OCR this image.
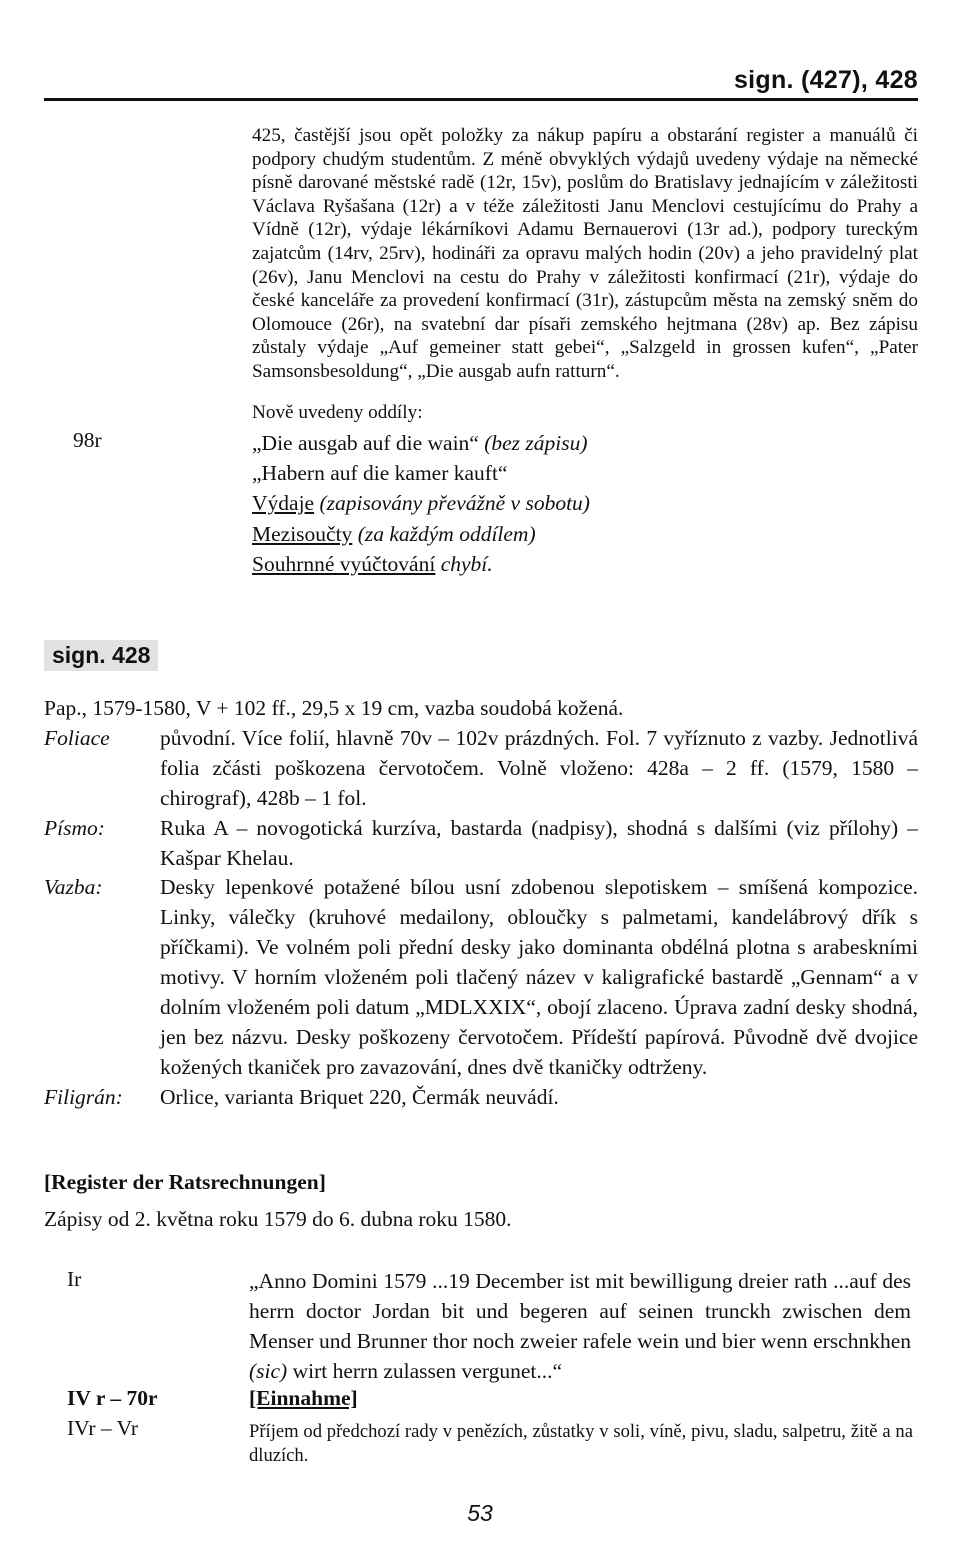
sign. (427), 428
425, častější jsou opět položky za nákup papíru a obstarání register a manuálů či podpory chudým studentům. Z méně obvyklých výdajů uvedeny výdaje na německé písně darované městské radě (12r, 15v), poslům do Bratislavy jednajícím v záležitosti Václava Ryšašana (12r) a v téže záležitosti Janu Menclovi cestujícímu do Prahy a Vídně (12r), výdaje lékárníkovi Adamu Bernauerovi (13r ad.), podpory tureckým zajatcům (14rv, 25rv), hodináři za opravu malých hodin (20v) a jeho pravidelný plat (26v), Janu Menclovi na cestu do Prahy v záležitosti konfirmací (21r), výdaje do české kanceláře za provedení konfirmací (31r), zástupcům města na zemský sněm do Olomouce (26r), na svatební dar písaři zemského hejtmana (28v) ap. Bez zápisu zůstaly výdaje „Auf gemeiner statt gebei“, „Salzgeld in grossen kufen“, „Pater Samsonsbesoldung“, „Die ausgab aufn ratturn“.
Nově uvedeny oddíly:
98r	„Die ausgab auf die wain“ (bez zápisu)
„Habern auf die kamer kauft“
Výdaje (zapisovány převážně v sobotu)
Mezisoučty (za každým oddílem)
Souhrnné vyúčtování chybí.
sign. 428
Pap., 1579-1580, V + 102 ff., 29,5 x 19 cm, vazba soudobá kožená.
Foliace	původní. Více folií, hlavně 70v – 102v prázdných. Fol. 7 vyříznuto z vazby. Jednotlivá folia zčásti poškozena červotočem. Volně vloženo: 428a – 2 ff. (1579, 1580 – chirograf), 428b – 1 fol.
Písmo:	Ruka A – novogotická kurzíva, bastarda (nadpisy), shodná s dalšími (viz přílohy) – Kašpar Khelau.
Vazba:	Desky lepenkové potažené bílou usní zdobenou slepotiskem – smíšená kompozice. Linky, válečky (kruhové medailony, obloučky s palmetami, kandelábrový dřík s příčkami). Ve volném poli přední desky jako dominanta obdélná plotna s arabeskními motivy. V horním vloženém poli tlačený název v kaligrafické bastardě „Gennam“ a v dolním vloženém poli datum „MDLXXIX“, obojí zlaceno. Úprava zadní desky shodná, jen bez názvu. Desky poškozeny červotočem. Přídeští papírová. Původně dvě dvojice kožených tkaniček pro zavazování, dnes dvě tkaničky odtrženy.
Filigrán:	Orlice, varianta Briquet 220, Čermák neuvádí.
[Register der Ratsrechnungen]
Zápisy od 2. května roku 1579 do 6. dubna roku 1580.
Ir	„Anno Domini 1579 ...19 December ist mit bewilligung dreier rath ...auf des herrn doctor Jordan bit und begeren auf seinen trunckh zwischen dem Menser und Brunner thor noch zweier rafele wein und bier wenn erschnkhen (sic) wirt herrn zulassen vergunet...“
IV r – 70r	[Einnahme]
IVr – Vr	Příjem od předchozí rady v penězích, zůstatky v soli, víně, pivu, sladu, salpetru, žitě a na dluzích.
53
